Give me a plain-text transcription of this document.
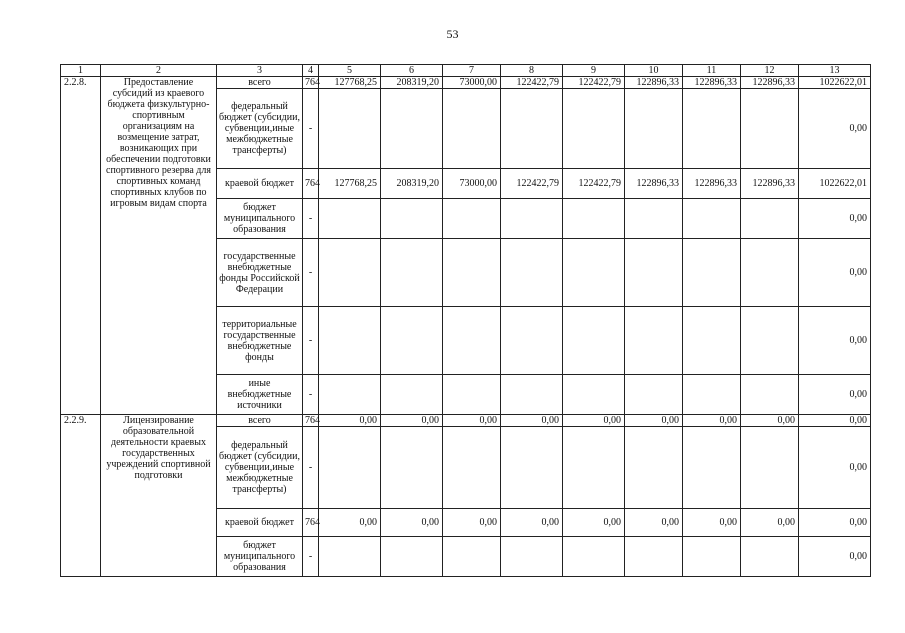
53
1	2	3	4	5	6	7	8	9	10	11	12	13
2.2.8.	Предоставление субсидий из краевого бюджета физкультурно-спортивным организациям на возмещение затрат, возникающих при обеспечении подготовки спортивного резерва для спортивных команд спортивных клубов по игровым видам спорта	всего	764	127768,25	208319,20	73000,00	122422,79	122422,79	122896,33	122896,33	122896,33	1022622,01
		федеральный бюджет (субсидии, субвенции,иные межбюджетные трансферты)	-									0,00
		краевой бюджет	764	127768,25	208319,20	73000,00	122422,79	122422,79	122896,33	122896,33	122896,33	1022622,01
		бюджет муниципального образования	-									0,00
		государственные внебюджетные фонды Российской Федерации	-									0,00
		территориальные государственные внебюджетные фонды	-									0,00
		иные внебюджетные источники	-									0,00
2.2.9.	Лицензирование образовательной деятельности краевых государственных учреждений спортивной подготовки	всего	764	0,00	0,00	0,00	0,00	0,00	0,00	0,00	0,00	0,00
		федеральный бюджет (субсидии, субвенции,иные межбюджетные трансферты)	-									0,00
		краевой бюджет	764	0,00	0,00	0,00	0,00	0,00	0,00	0,00	0,00	0,00
		бюджет муниципального образования	-									0,00
